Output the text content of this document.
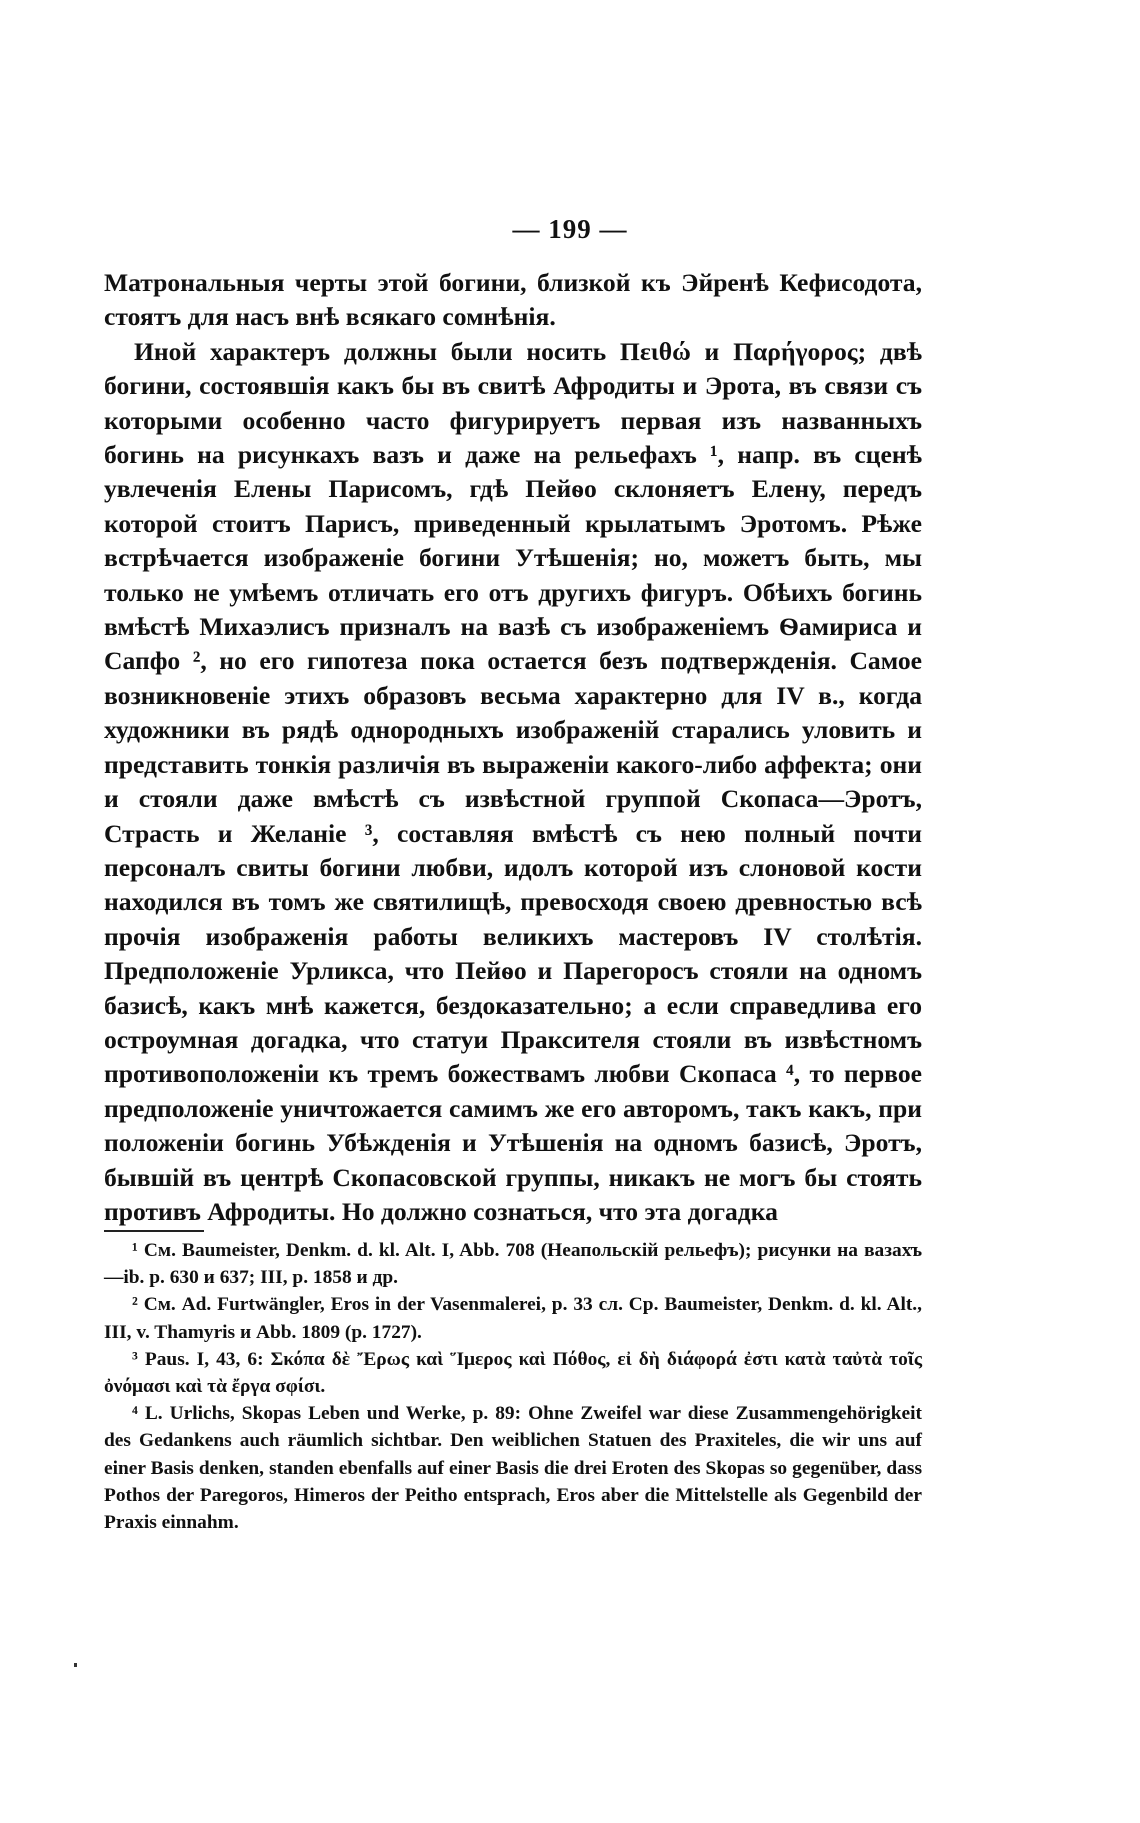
— 199 —

Матрональныя черты этой богини, близкой къ Эйренѣ Кефисодота, стоятъ для насъ внѣ всякаго сомнѣнія.

Иной характеръ должны были носить Πειθώ и Παρήγορος; двѣ богини, состоявшія какъ бы въ свитѣ Афродиты и Эрота, въ связи съ которыми особенно часто фигурируетъ первая изъ названныхъ богинь на рисункахъ вазъ и даже на рельефахъ ¹, напр. въ сценѣ увлеченія Елены Парисомъ, гдѣ Пейѳо склоняетъ Елену, передъ которой стоитъ Парисъ, приведенный крылатымъ Эротомъ. Рѣже встрѣчается изображеніе богини Утѣшенія; но, можетъ быть, мы только не умѣемъ отличать его отъ другихъ фигуръ. Обѣихъ богинь вмѣстѣ Михаэлисъ призналъ на вазѣ съ изображеніемъ Ѳамириса и Сапфо ², но его гипотеза пока остается безъ подтвержденія. Самое возникновеніе этихъ образовъ весьма характерно для IV в., когда художники въ рядѣ однородныхъ изображеній старались уловить и представить тонкія различія въ выраженіи какого-либо аффекта; они и стояли даже вмѣстѣ съ извѣстной группой Скопаса—Эротъ, Страсть и Желаніе ³, составляя вмѣстѣ съ нею полный почти персоналъ свиты богини любви, идолъ которой изъ слоновой кости находился въ томъ же святилищѣ, превосходя своею древностью всѣ прочія изображенія работы великихъ мастеровъ IV столѣтія. Предположеніе Урликса, что Пейѳо и Парегоросъ стояли на одномъ базисѣ, какъ мнѣ кажется, бездоказательно; а если справедлива его остроумная догадка, что статуи Праксителя стояли въ извѣстномъ противоположеніи къ тремъ божествамъ любви Скопаса ⁴, то первое предположеніе уничтожается самимъ же его авторомъ, такъ какъ, при положеніи богинь Убѣжденія и Утѣшенія на одномъ базисѣ, Эротъ, бывшій въ центрѣ Скопасовской группы, никакъ не могъ бы стоять противъ Афродиты. Но должно сознаться, что эта догадка

¹ См. Baumeister, Denkm. d. kl. Alt. I, Abb. 708 (Неапольскій рельефъ); рисунки на вазахъ—ib. p. 630 и 637; III, p. 1858 и др.

² См. Ad. Furtwängler, Eros in der Vasenmalerei, p. 33 сл. Ср. Baumeister, Denkm. d. kl. Alt., III, v. Thamyris и Abb. 1809 (p. 1727).

³ Paus. I, 43, 6: Σκόπα δὲ Ἔρως καὶ Ἵμερος καὶ Πόθος, εἰ δὴ διάφορά ἐστι κατὰ ταὐτὰ τοῖς ὀνόμασι καὶ τὰ ἔργα σφίσι.

⁴ L. Urlichs, Skopas Leben und Werke, p. 89: Ohne Zweifel war diese Zusammengehörigkeit des Gedankens auch räumlich sichtbar. Den weiblichen Statuen des Praxiteles, die wir uns auf einer Basis denken, standen ebenfalls auf einer Basis die drei Eroten des Skopas so gegenüber, dass Pothos der Paregoros, Himeros der Peitho entsprach, Eros aber die Mittelstelle als Gegenbild der Praxis einnahm.
